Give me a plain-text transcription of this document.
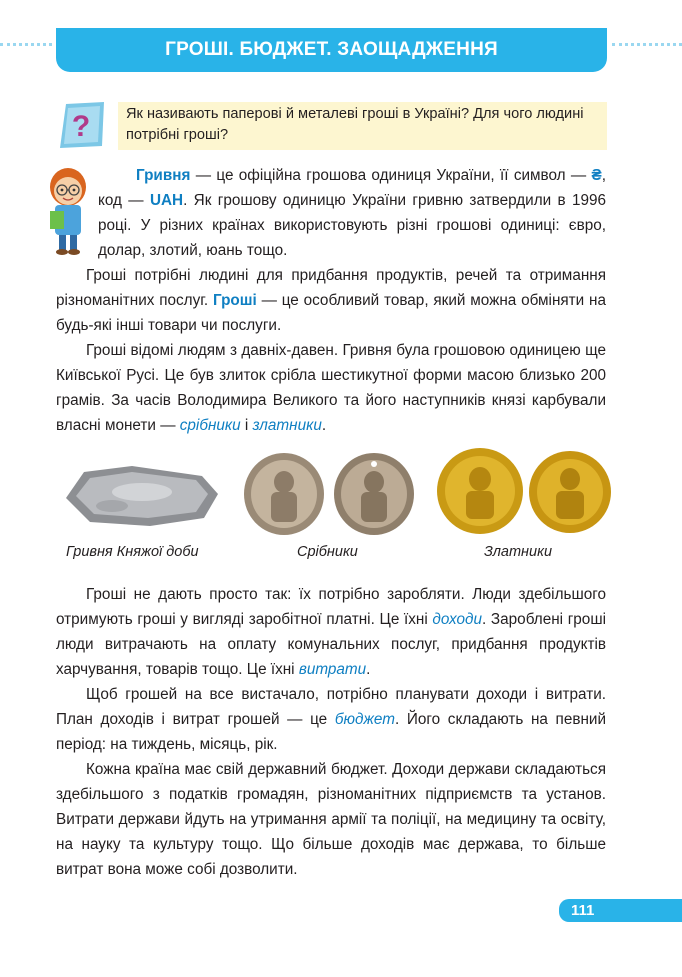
ГРОШІ. БЮДЖЕТ. ЗАОЩАДЖЕННЯ
?	Як називають паперові й металеві гроші в Україні? Для чого людині потрібні гроші?

Гривня — це офіційна грошова одиниця України, її символ — ₴, код — UAH. Як грошову одиницю України гривню затвердили в 1996 році. У різних країнах використовують різні грошові одиниці: євро, долар, злотий, юань тощо.

Гроші потрібні людині для придбання продуктів, речей та отримання різноманітних послуг. Гроші — це особливий товар, який можна обміняти на будь-які інші товари чи послуги.

Гроші відомі людям з давніх-давен. Гривня була грошовою одиницею ще Київської Русі. Це був злиток срібла шестикутної форми масою близько 200 грамів. За часів Володимира Великого та його наступників князі карбували власні монети — срібники і златники.

Гривня Княжої доби	Срібники	Златники

Гроші не дають просто так: їх потрібно заробляти. Люди здебільшого отримують гроші у вигляді заробітної платні. Це їхні доходи. Зароблені гроші люди витрачають на оплату комунальних послуг, придбання продуктів харчування, товарів тощо. Це їхні витрати.

Щоб грошей на все вистачало, потрібно планувати доходи і витрати. План доходів і витрат грошей — це бюджет. Його складають на певний період: на тиждень, місяць, рік.

Кожна країна має свій державний бюджет. Доходи держави складаються здебільшого з податків громадян, різноманітних підприємств та установ. Витрати держави йдуть на утримання армії та поліції, на медицину та освіту, на науку та культуру тощо. Що більше доходів має держава, то більше витрат вона може собі дозволити.

111
